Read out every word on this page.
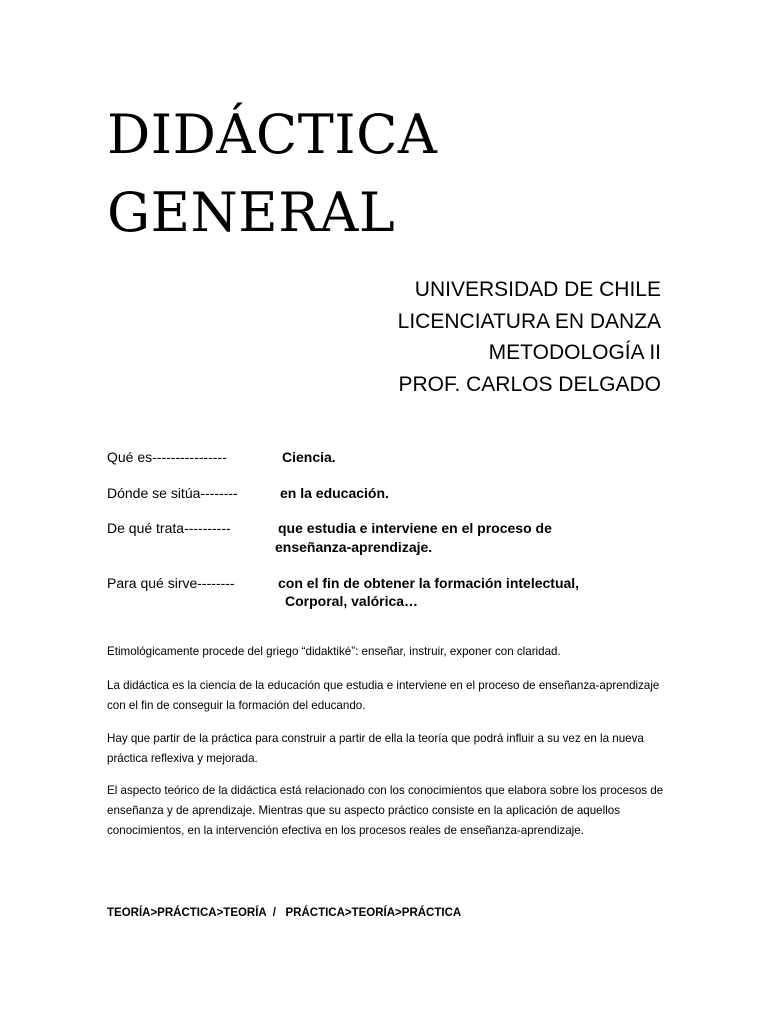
DIDÁCTICA
GENERAL
UNIVERSIDAD DE CHILE
LICENCIATURA EN DANZA
METODOLOGÍA II
PROF. CARLOS DELGADO
Qué es----------------	Ciencia.
Dónde se sitúa--------	en la educación.
De qué trata----------	que estudia e interviene en el proceso de
enseñanza-aprendizaje.
Para qué sirve--------	con el fin de obtener la formación intelectual,
Corporal, valórica…

Etimológicamente procede del griego “didaktiké”: enseñar, instruir, exponer con claridad.

La didáctica es la ciencia de la educación que estudia e interviene en el proceso de enseñanza-aprendizaje con el fin de conseguir la formación del educando.

Hay que partir de la práctica para construir a partir de ella la teoría que podrá influir a su vez en la nueva práctica reflexiva y mejorada.

El aspecto teórico de la didáctica está relacionado con los conocimientos que elabora sobre los procesos de enseñanza y de aprendizaje. Mientras que su aspecto práctico consiste en la aplicación de aquellos conocimientos, en la intervención efectiva en los procesos reales de enseñanza-aprendizaje.

TEORÍA>PRÁCTICA>TEORÍA  /   PRÁCTICA>TEORÍA>PRÁCTICA
